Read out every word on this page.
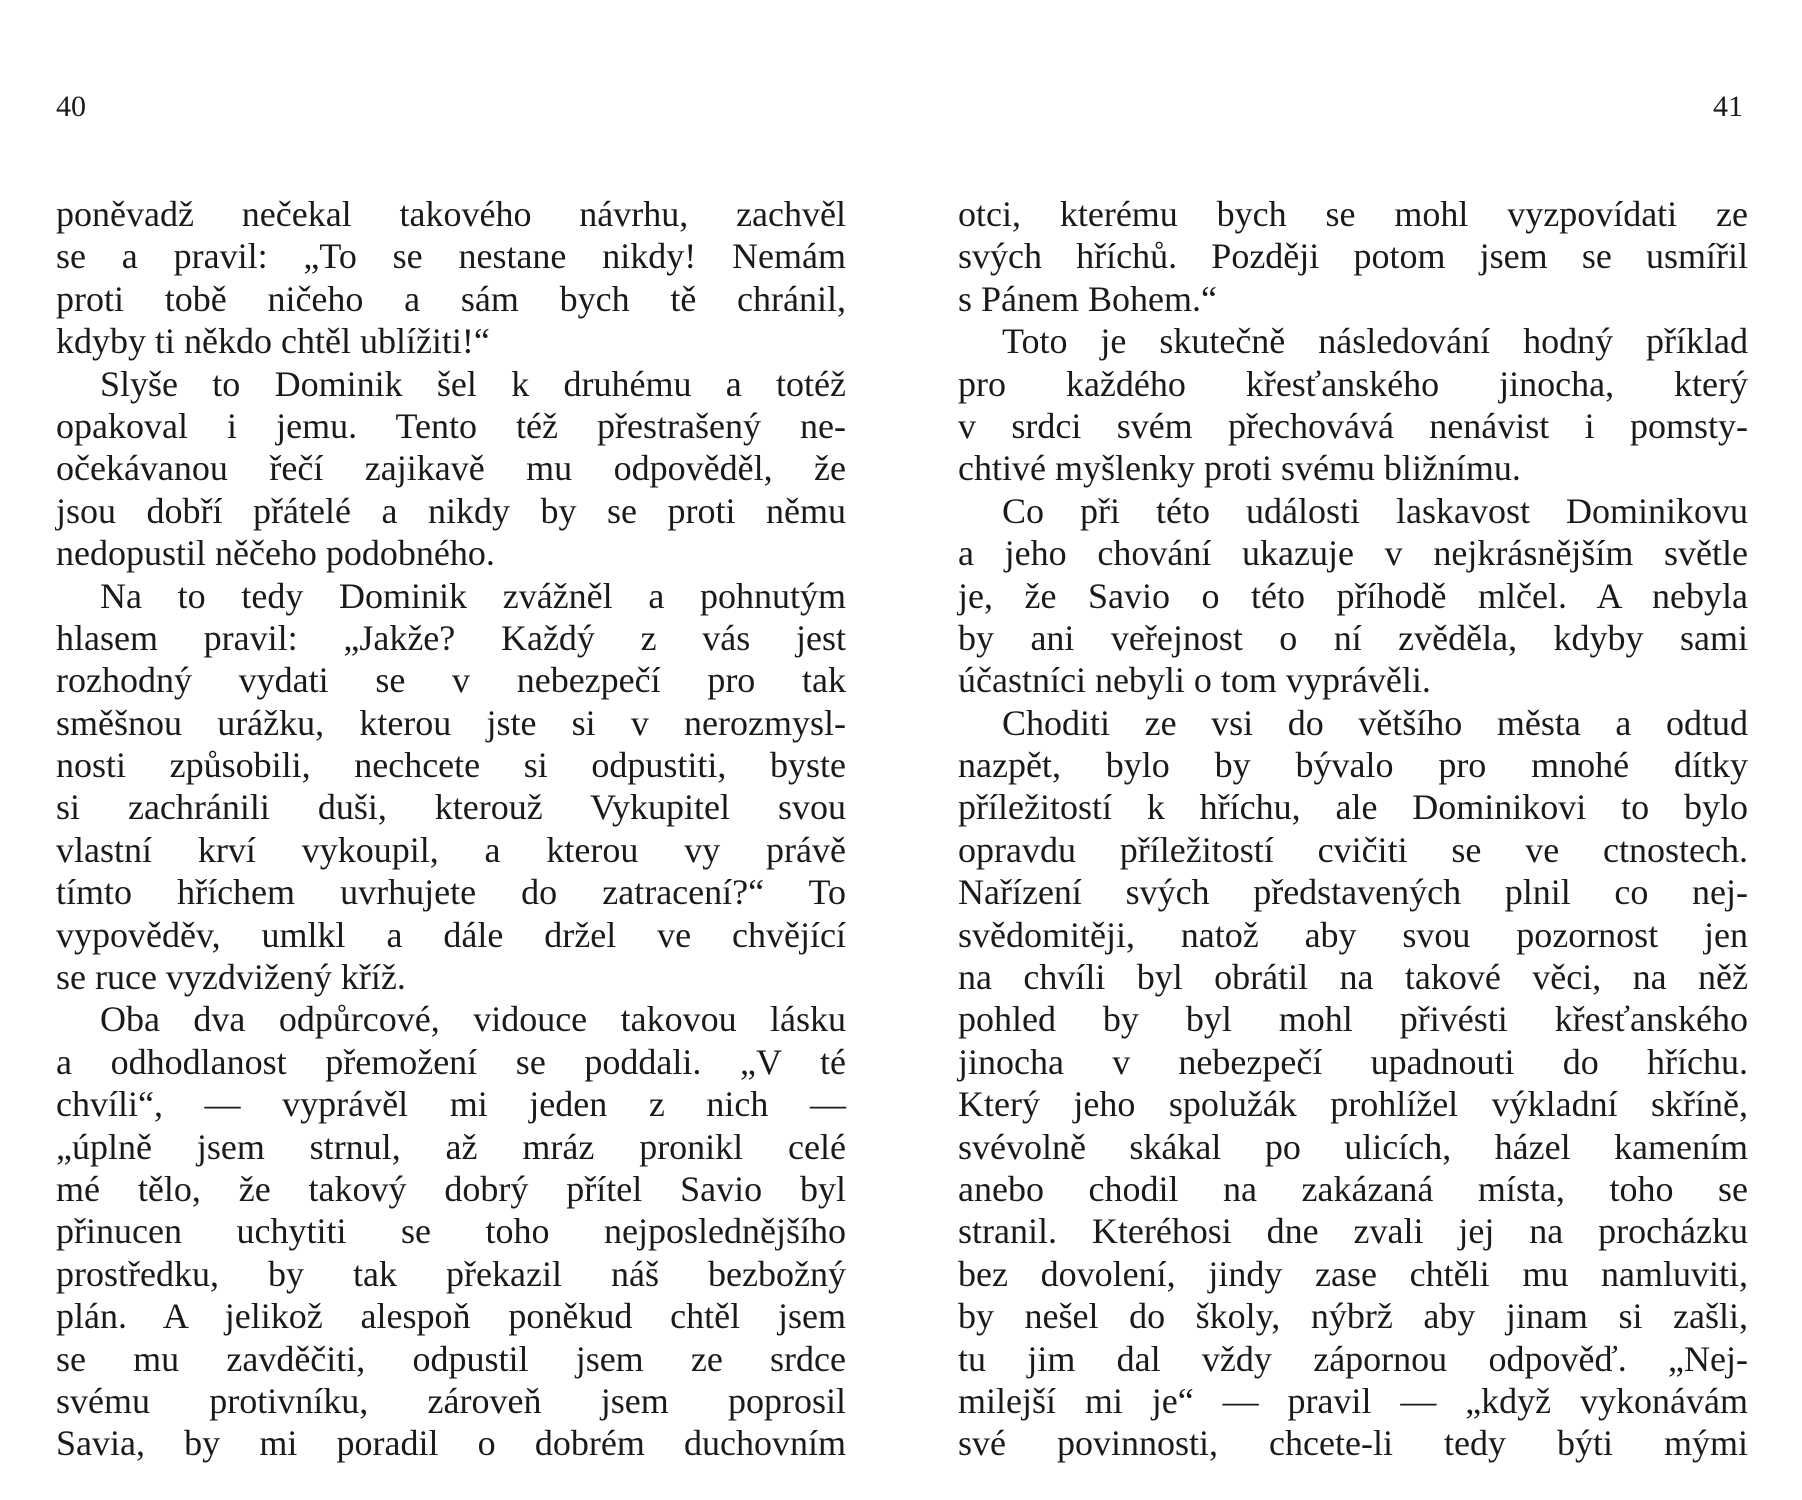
40	41
poněvadž nečekal takového návrhu, zachvěl
se a pravil: „To se nestane nikdy! Nemám
proti tobě ničeho a sám bych tě chránil,
kdyby ti někdo chtěl ublížiti!“
Slyše to Dominik šel k druhému a totéž
opakoval i jemu. Tento též přestrašený ne-
očekávanou řečí zajikavě mu odpověděl, že
jsou dobří přátelé a nikdy by se proti němu
nedopustil něčeho podobného.
Na to tedy Dominik zvážněl a pohnutým
hlasem pravil: „Jakže? Každý z vás jest
rozhodný vydati se v nebezpečí pro tak
směšnou urážku, kterou jste si v nerozmysl-
nosti způsobili, nechcete si odpustiti, byste
si zachránili duši, kterouž Vykupitel svou
vlastní krví vykoupil, a kterou vy právě
tímto hříchem uvrhujete do zatracení?“ To
vypověděv, umlkl a dále držel ve chvějící
se ruce vyzdvižený kříž.
Oba dva odpůrcové, vidouce takovou lásku
a odhodlanost přemožení se poddali. „V té
chvíli“, — vyprávěl mi jeden z nich —
„úplně jsem strnul, až mráz pronikl celé
mé tělo, že takový dobrý přítel Savio byl
přinucen uchytiti se toho nejposlednějšího
prostředku, by tak překazil náš bezbožný
plán. A jelikož alespoň poněkud chtěl jsem
se mu zavděčiti, odpustil jsem ze srdce
svému protivníku, zároveň jsem poprosil
Savia, by mi poradil o dobrém duchovním
otci, kterému bych se mohl vyzpovídati ze
svých hříchů. Později potom jsem se usmířil
s Pánem Bohem.“
Toto je skutečně následování hodný příklad
pro každého křesťanského jinocha, který
v srdci svém přechovává nenávist i pomsty-
chtivé myšlenky proti svému bližnímu.
Co při této události laskavost Dominikovu
a jeho chování ukazuje v nejkrásnějším světle
je, že Savio o této příhodě mlčel. A nebyla
by ani veřejnost o ní zvěděla, kdyby sami
účastníci nebyli o tom vyprávěli.
Choditi ze vsi do většího města a odtud
nazpět, bylo by bývalo pro mnohé dítky
příležitostí k hříchu, ale Dominikovi to bylo
opravdu příležitostí cvičiti se ve ctnostech.
Nařízení svých představených plnil co nej-
svědomitěji, natož aby svou pozornost jen
na chvíli byl obrátil na takové věci, na něž
pohled by byl mohl přivésti křesťanského
jinocha v nebezpečí upadnouti do hříchu.
Který jeho spolužák prohlížel výkladní skříně,
svévolně skákal po ulicích, házel kamením
anebo chodil na zakázaná místa, toho se
stranil. Kteréhosi dne zvali jej na procházku
bez dovolení, jindy zase chtěli mu namluviti,
by nešel do školy, nýbrž aby jinam si zašli,
tu jim dal vždy zápornou odpověď. „Nej-
milejší mi je“ — pravil — „když vykonávám
své povinnosti, chcete-li tedy býti mými
